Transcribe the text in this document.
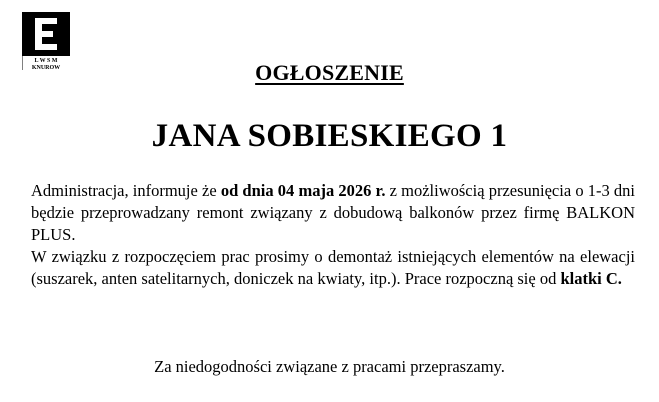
L W S M
KNUROW	OGŁOSZENIE
JANA SOBIESKIEGO 1

Administracja, informuje że od dnia 04 maja 2026 r. z możliwością przesunięcia o 1-3 dni będzie przeprowadzany remont związany z dobudową balkonów przez firmę BALKON PLUS.

W związku z rozpoczęciem prac prosimy o demontaż istniejących elementów na elewacji (suszarek, anten satelitarnych, doniczek na kwiaty, itp.). Prace rozpoczną się od klatki C.

Za niedogodności związane z pracami przepraszamy.
